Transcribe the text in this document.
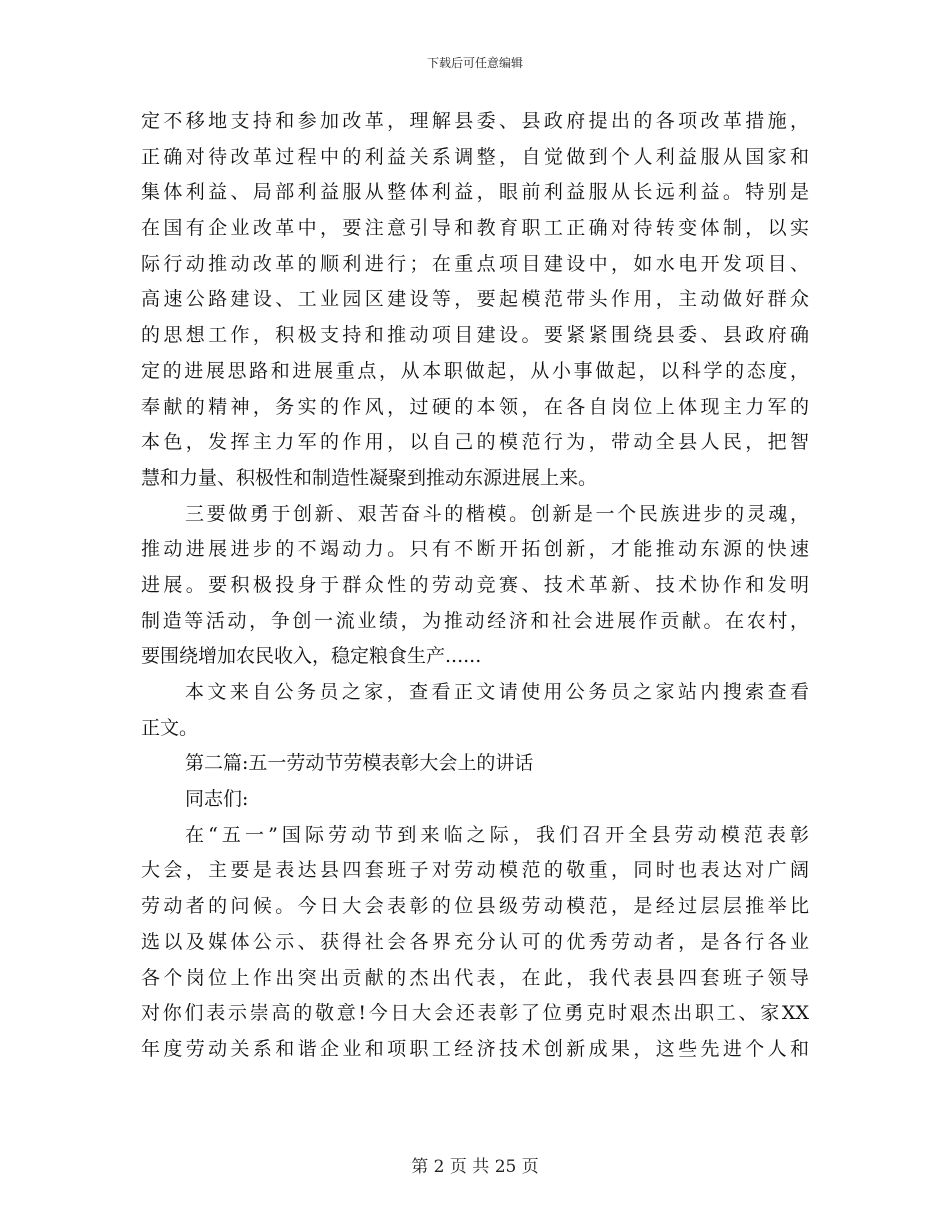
下载后可任意编辑
定不移地支持和参加改革，理解县委、县政府提出的各项改革措施，
正确对待改革过程中的利益关系调整，自觉做到个人利益服从国家和
集体利益、局部利益服从整体利益，眼前利益服从长远利益。特别是
在国有企业改革中，要注意引导和教育职工正确对待转变体制，以实
际行动推动改革的顺利进行；在重点项目建设中，如水电开发项目、
高速公路建设、工业园区建设等，要起模范带头作用，主动做好群众
的思想工作，积极支持和推动项目建设。要紧紧围绕县委、县政府确
定的进展思路和进展重点，从本职做起，从小事做起，以科学的态度，
奉献的精神，务实的作风，过硬的本领，在各自岗位上体现主力军的
本色，发挥主力军的作用，以自己的模范行为，带动全县人民，把智
慧和力量、积极性和制造性凝聚到推动东源进展上来。
三要做勇于创新、艰苦奋斗的楷模。创新是一个民族进步的灵魂，
推动进展进步的不竭动力。只有不断开拓创新，才能推动东源的快速
进展。要积极投身于群众性的劳动竞赛、技术革新、技术协作和发明
制造等活动，争创一流业绩，为推动经济和社会进展作贡献。在农村，
要围绕增加农民收入，稳定粮食生产......
本文来自公务员之家，查看正文请使用公务员之家站内搜索查看
正文。
第二篇:五一劳动节劳模表彰大会上的讲话
同志们:
在“五一”国际劳动节到来临之际，我们召开全县劳动模范表彰
大会，主要是表达县四套班子对劳动模范的敬重，同时也表达对广阔
劳动者的问候。今日大会表彰的位县级劳动模范，是经过层层推举比
选以及媒体公示、获得社会各界充分认可的优秀劳动者，是各行各业
各个岗位上作出突出贡献的杰出代表，在此，我代表县四套班子领导
对你们表示崇高的敬意!今日大会还表彰了位勇克时艰杰出职工、家XX
年度劳动关系和谐企业和项职工经济技术创新成果，这些先进个人和
第 2 页 共 25 页
